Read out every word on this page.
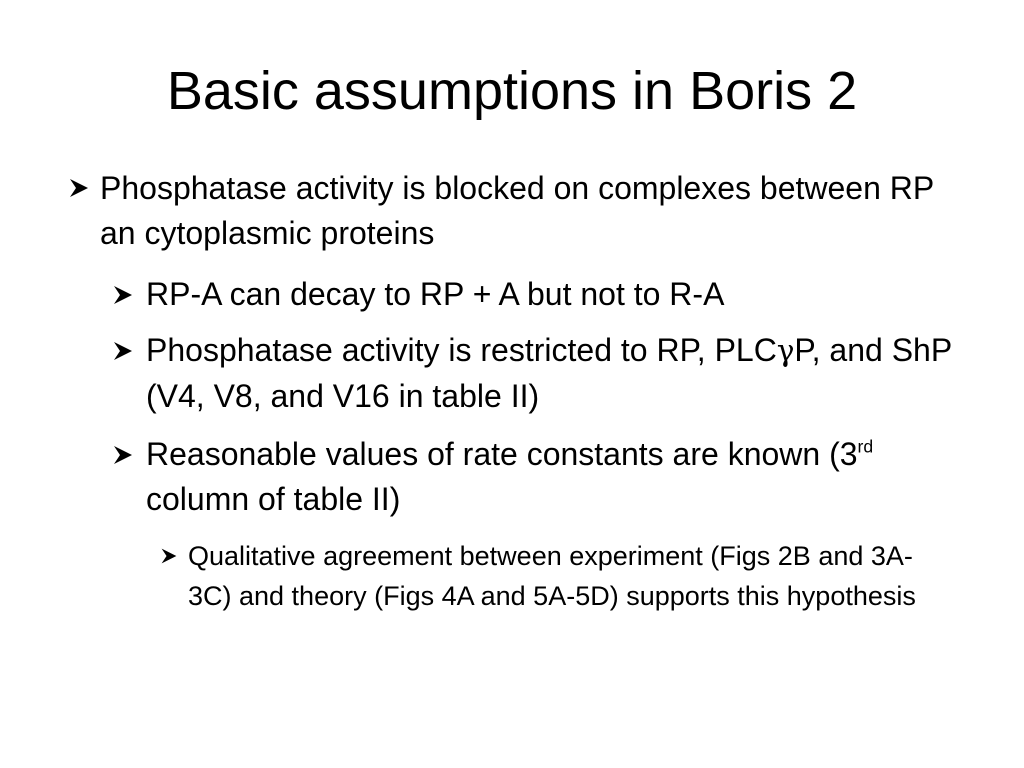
Basic assumptions in Boris 2
Phosphatase activity is blocked on complexes between RP an cytoplasmic proteins
RP-A can decay to RP + A but not to R-A
Phosphatase activity is restricted to RP, PLCγP, and ShP (V4, V8, and V16 in table II)
Reasonable values of rate constants are known (3rd column of table II)
Qualitative agreement between experiment (Figs 2B and 3A-3C) and theory (Figs 4A and 5A-5D) supports this hypothesis
